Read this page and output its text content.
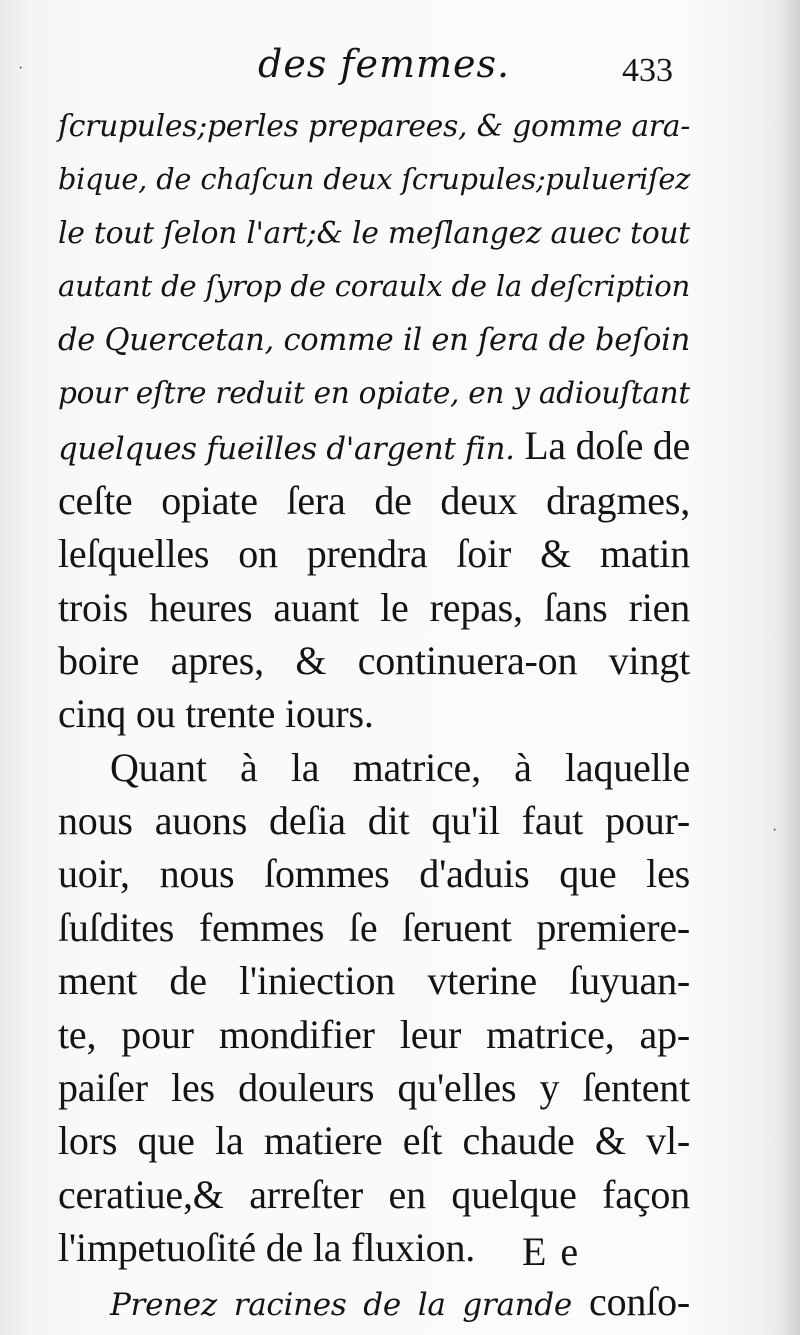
des femmes.	433
ſcrupules;perles preparees, & gomme ara-
bique, de chaſcun deux ſcrupules;pulueriſez
le tout ſelon l'art;& le meſlangez auec tout
autant de ſyrop de coraulx de la deſcription
de Quercetan, comme il en ſera de beſoin
pour eſtre reduit en opiate, en y adiouſtant
quelques fueilles d'argent fin. La doſe de
ceſte opiate ſera de deux dragmes,
leſquelles on prendra ſoir & matin
trois heures auant le repas, ſans rien
boire apres, & continuera-on vingt
cinq ou trente iours.
Quant à la matrice, à laquelle
nous auons deſia dit qu'il faut pour-
uoir, nous ſommes d'aduis que les
ſuſdites femmes ſe ſeruent premiere-
ment de l'iniection vterine ſuyuan-
te, pour mondifier leur matrice, ap-
paiſer les douleurs qu'elles y ſentent
lors que la matiere eſt chaude & vl-
ceratiue,& arreſter en quelque façon
l'impetuoſité de la fluxion.
Prenez racines de la grande conſo-
E e
·
·
